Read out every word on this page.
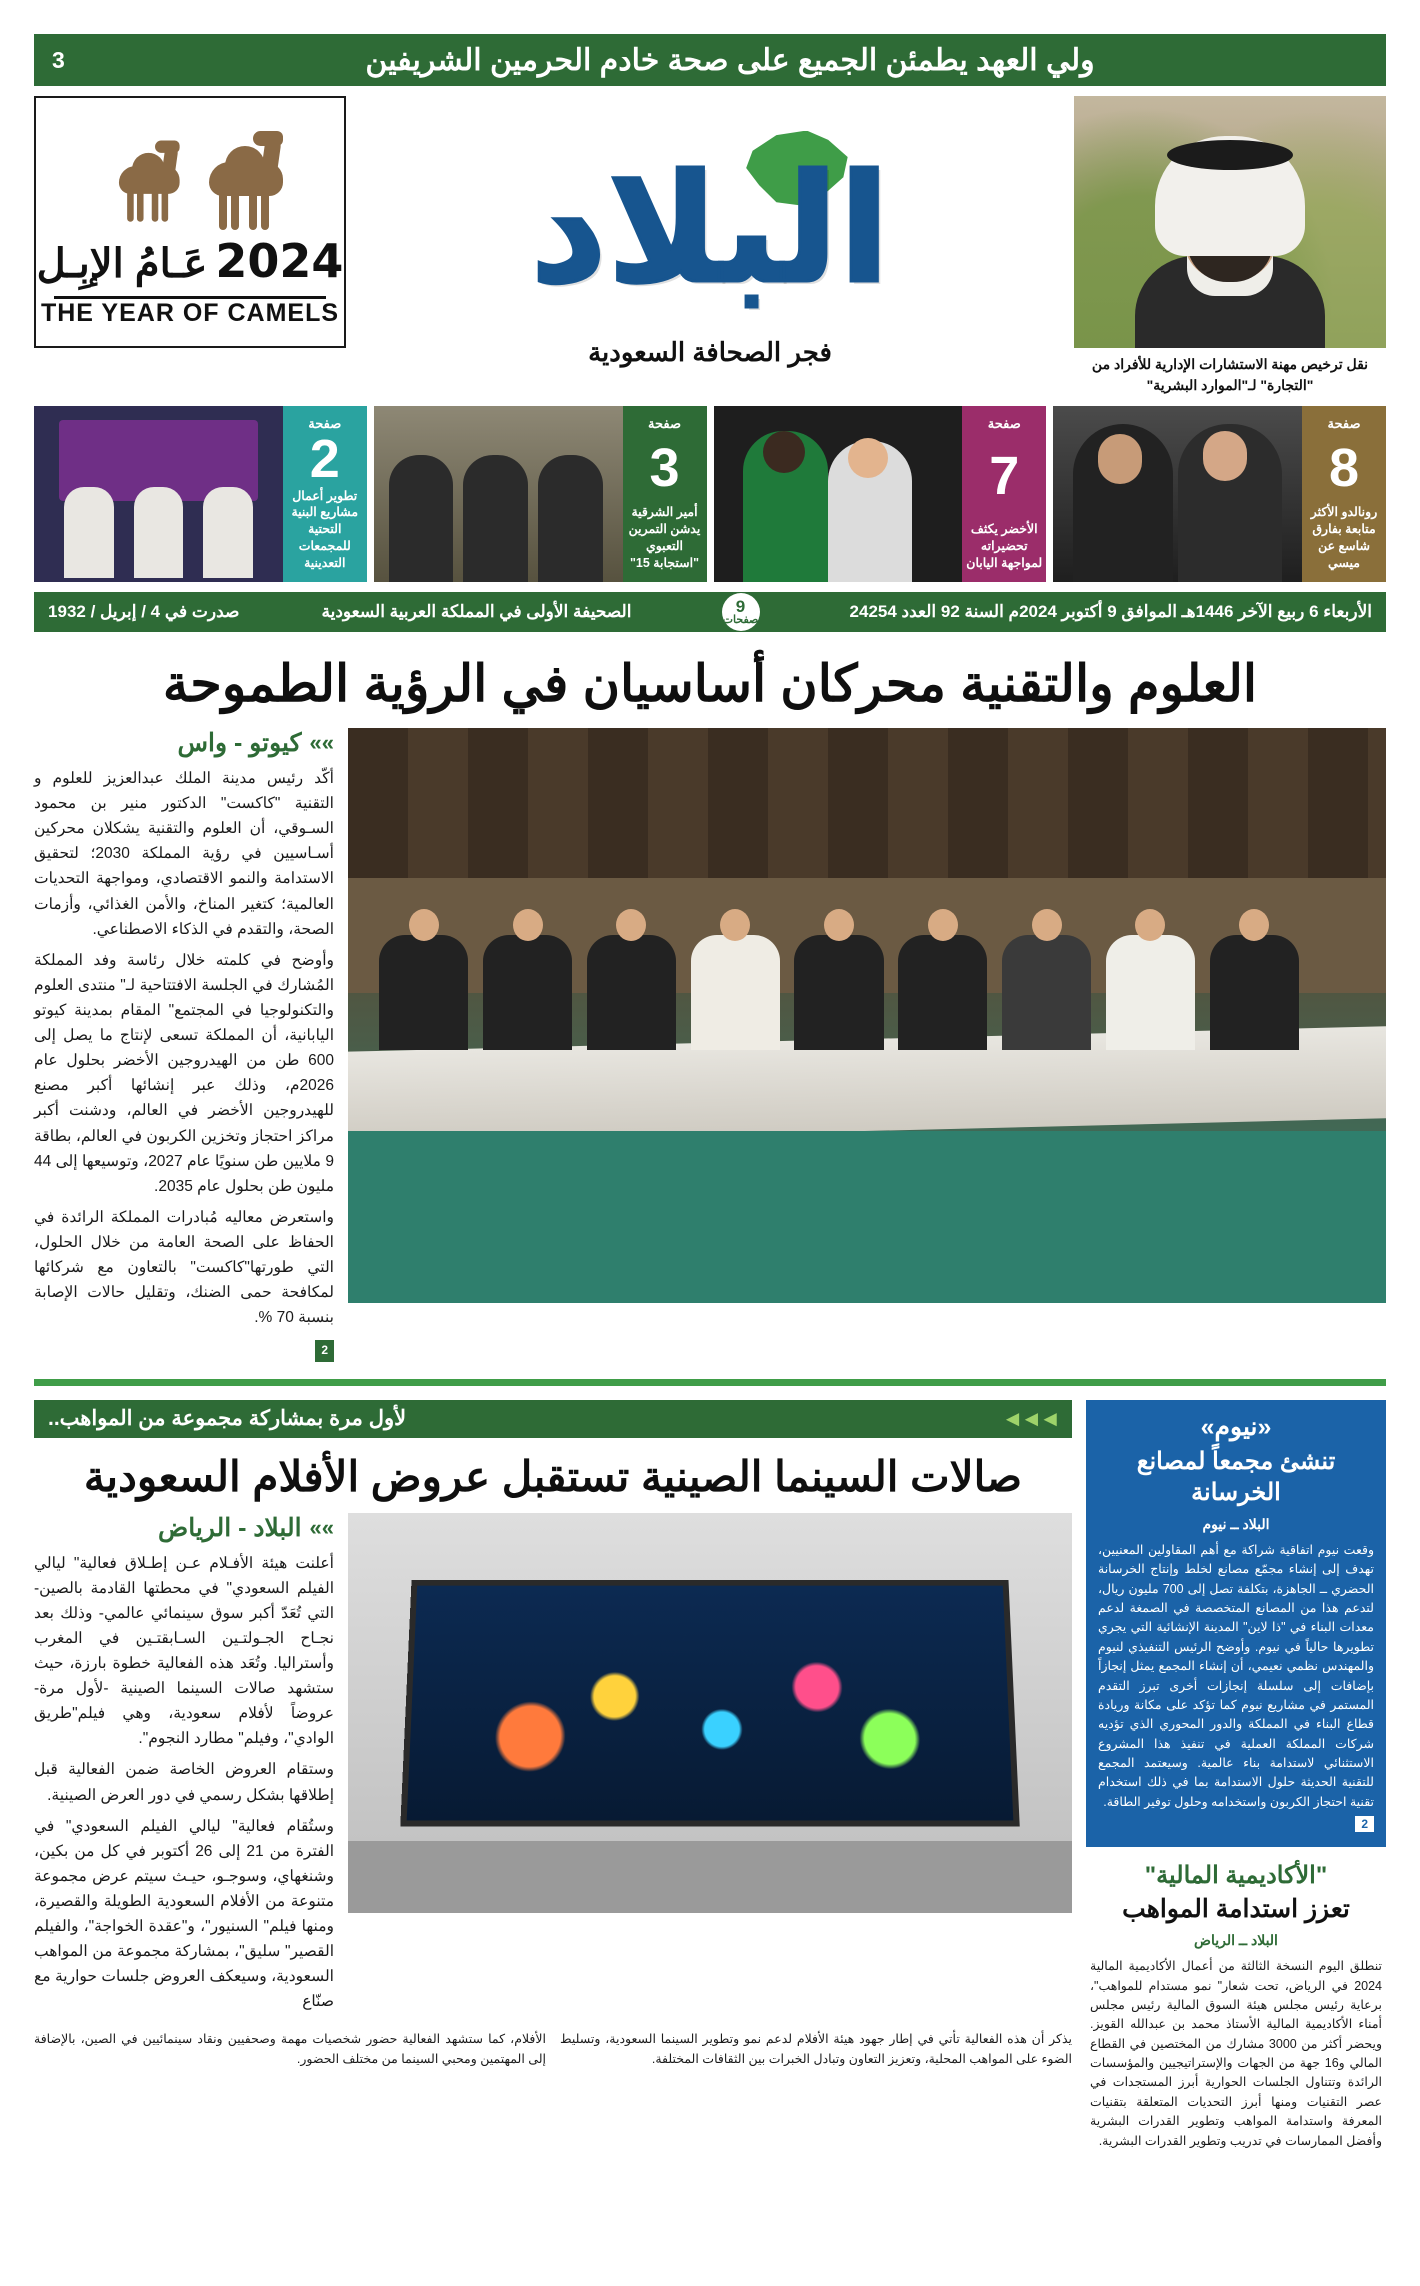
ولي العهد يطمئن الجميع على صحة خادم الحرمين الشريفين
3
نقل ترخيص مهنة الاستشارات الإدارية للأفراد من "التجارة" لـ"الموارد البشرية"
البلاد
فجر الصحافة السعودية
2024
عَـامُ الإبِـل
THE YEAR OF CAMELS
صفحة
8
رونالدو الأكثر متابعة بفارق شاسع عن ميسي
صفحة
7
الأخضر يكثف تحضيراته لمواجهة اليابان
صفحة
3
أمير الشرقية يدشن التمرين التعبوي "استجابة 15"
صفحة
2
تطوير أعمال مشاريع البنية التحتية للمجمعات التعدينية
الأربعاء 6 ربيع الآخر 1446هـ الموافق 9 أكتوبر 2024م السنة 92 العدد 24254
9
صفحات
الصحيفة الأولى في المملكة العربية السعودية
صدرت في 4 / إبريل / 1932
العلوم والتقنية محركان أساسيان في الرؤية الطموحة
»»
كيوتو - واس

أكّد رئيس مدينة الملك عبدالعزيز للعلوم و التقنية "كاكست" الدكتور منير بن محمود السـوقي، أن العلوم والتقنية يشكلان محركين أسـاسيين في رؤية المملكة 2030؛ لتحقيق الاستدامة والنمو الاقتصادي، ومواجهة التحديات العالمية؛ كتغير المناخ، والأمن الغذائي، وأزمات الصحة، والتقدم في الذكاء الاصطناعي.

وأوضح في كلمته خلال رئاسة وفد المملكة المُشارك في الجلسة الافتتاحية لـ" منتدى العلوم والتكنولوجيا في المجتمع" المقام بمدينة كيوتو اليابانية، أن المملكة تسعى لإنتاج ما يصل إلى 600 طن من الهيدروجين الأخضر بحلول عام 2026م، وذلك عبر إنشائها أكبر مصنع للهيدروجين الأخضر في العالم، ودشنت أكبر مراكز احتجاز وتخزين الكربون في العالم، بطاقة 9 ملايين طن سنويًا عام 2027، وتوسيعها إلى 44 مليون طن بحلول عام 2035.

واستعرض معاليه مُبادرات المملكة الرائدة في الحفاظ على الصحة العامة من خلال الحلول، التي طورتها"كاكست" بالتعاون مع شركائها لمكافحة حمى الضنك، وتقليل حالات الإصابة بنسبة 70 %.

2
«نيوم»
تنشئ مجمعاً لمصانع الخرسانة
البلاد ــ نيوم
وقعت نيوم اتفاقية شراكة مع أهم المقاولين المعنيين، تهدف إلى إنشاء مجمّع مصانع لخلط وإنتاج الخرسانة الحضري ــ الجاهزة، بتكلفة تصل إلى 700 مليون ريال، لتدعم هذا من المصانع المتخصصة في الصمغة لدعم معدات البناء في "ذا لاين" المدينة الإنشائية التي يجري تطويرها حالياً في نيوم. وأوضح الرئيس التنفيذي لنيوم والمهندس نظمي نعيمي، أن إنشاء المجمع يمثل إنجازاً بإضافات إلى سلسلة إنجازات أخرى تبرز التقدم المستمر في مشاريع نيوم كما تؤكد على مكانة وريادة قطاع البناء في المملكة والدور المحوري الذي تؤديه شركات المملكة العملية في تنفيذ هذا المشروع الاستثنائي لاستدامة بناء عالمية. وسيعتمد المجمع للتقنية الحديثة حلول الاستدامة بما في ذلك استخدام تقنية احتجاز الكربون واستخدامه وحلول توفير الطاقة.
2
"الأكاديمية المالية"
تعزز استدامة المواهب
البلاد ــ الرياض
تنطلق اليوم النسخة الثالثة من أعمال الأكاديمية المالية 2024 في الرياض، تحت شعار" نمو مستدام للمواهب"، برعاية رئيس مجلس هيئة السوق المالية رئيس مجلس أمناء الأكاديمية المالية الأستاذ محمد بن عبدالله القويز. ويحضر أكثر من 3000 مشارك من المختصين في القطاع المالي و16 جهة من الجهات والإستراتيجيين والمؤسسات الرائدة وتتناول الجلسات الحوارية أبرز المستجدات في عصر التقنيات ومنها أبرز التحديات المتعلقة بتقنيات المعرفة واستدامة المواهب وتطوير القدرات البشرية وأفضل الممارسات في تدريب وتطوير القدرات البشرية.
◄◄◄
لأول مرة بمشاركة مجموعة من المواهب..
صالات السينما الصينية تستقبل عروض الأفلام السعودية
»»
البلاد - الرياض

أعلنت هيئة الأفـلام عـن إطـلاق فعالية" ليالي الفيلم السعودي" في محطتها القادمة بالصين- التي تُعَدّ أكبر سوق سينمائي عالمي- وذلك بعد نجـاح الجـولتـين السـابقتـين في المغرب وأستراليا. وتُعَد هذه الفعالية خطوة بارزة، حيث ستشهد صالات السينما الصينية -لأول مرة- عروضاً لأفلام سعودية، وهي فيلم"طريق الوادي"، وفيلم" مطارد النجوم".

وستقام العروض الخاصة ضمن الفعالية قبل إطلاقها بشكل رسمي في دور العرض الصينية.

وستُقام فعالية" ليالي الفيلم السعودي" في الفترة من 21 إلى 26 أكتوبر في كل من بكين، وشنغهاي، وسوجـو، حيـث سيتم عرض مجموعة متنوعة من الأفلام السعودية الطويلة والقصيرة، ومنها فيلم" السنيور"، و"عقدة الخواجة"، والفيلم القصير" سليق"، بمشاركة مجموعة من المواهب السعودية، وسيعكف العروض جلسات حوارية مع صنّاع

يذكر أن هذه الفعالية تأتي في إطار جهود هيئة الأفلام لدعم نمو وتطوير السينما السعودية، وتسليط الضوء على المواهب المحلية، وتعزيز التعاون وتبادل الخبرات بين الثقافات المختلفة.
الأفلام، كما ستشهد الفعالية حضور شخصيات مهمة وصحفيين ونقاد سينمائيين في الصين، بالإضافة إلى المهتمين ومحبي السينما من مختلف الحضور.
